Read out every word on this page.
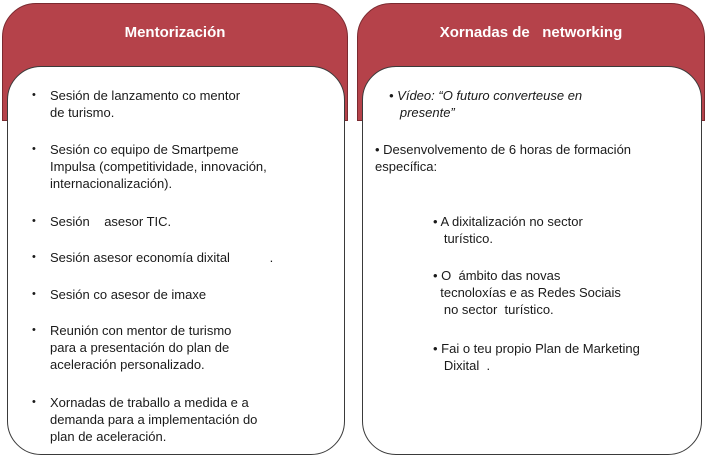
Mentorización
• Sesión de lanzamento co mentor
de turismo.
• Sesión co equipo de Smartpeme
Impulsa (competitividade, innovación,
internacionalización).
• Sesión    asesor TIC.
• Sesión asesor economía dixital           .
• Sesión co asesor de imaxe
• Reunión con mentor de turismo
para a presentación do plan de
aceleración personalizado.
• Xornadas de traballo a medida e a
demanda para a implementación do
plan de aceleración.
Xornadas de   networking
• Vídeo: “O futuro converteuse en
presente”
• Desenvolvemento de 6 horas de formación
específica:
• A dixitalización no sector
turístico.
• O  ámbito das novas
tecnoloxías e as Redes Sociais
no sector  turístico.
• Fai o teu propio Plan de Marketing
Dixital  .
